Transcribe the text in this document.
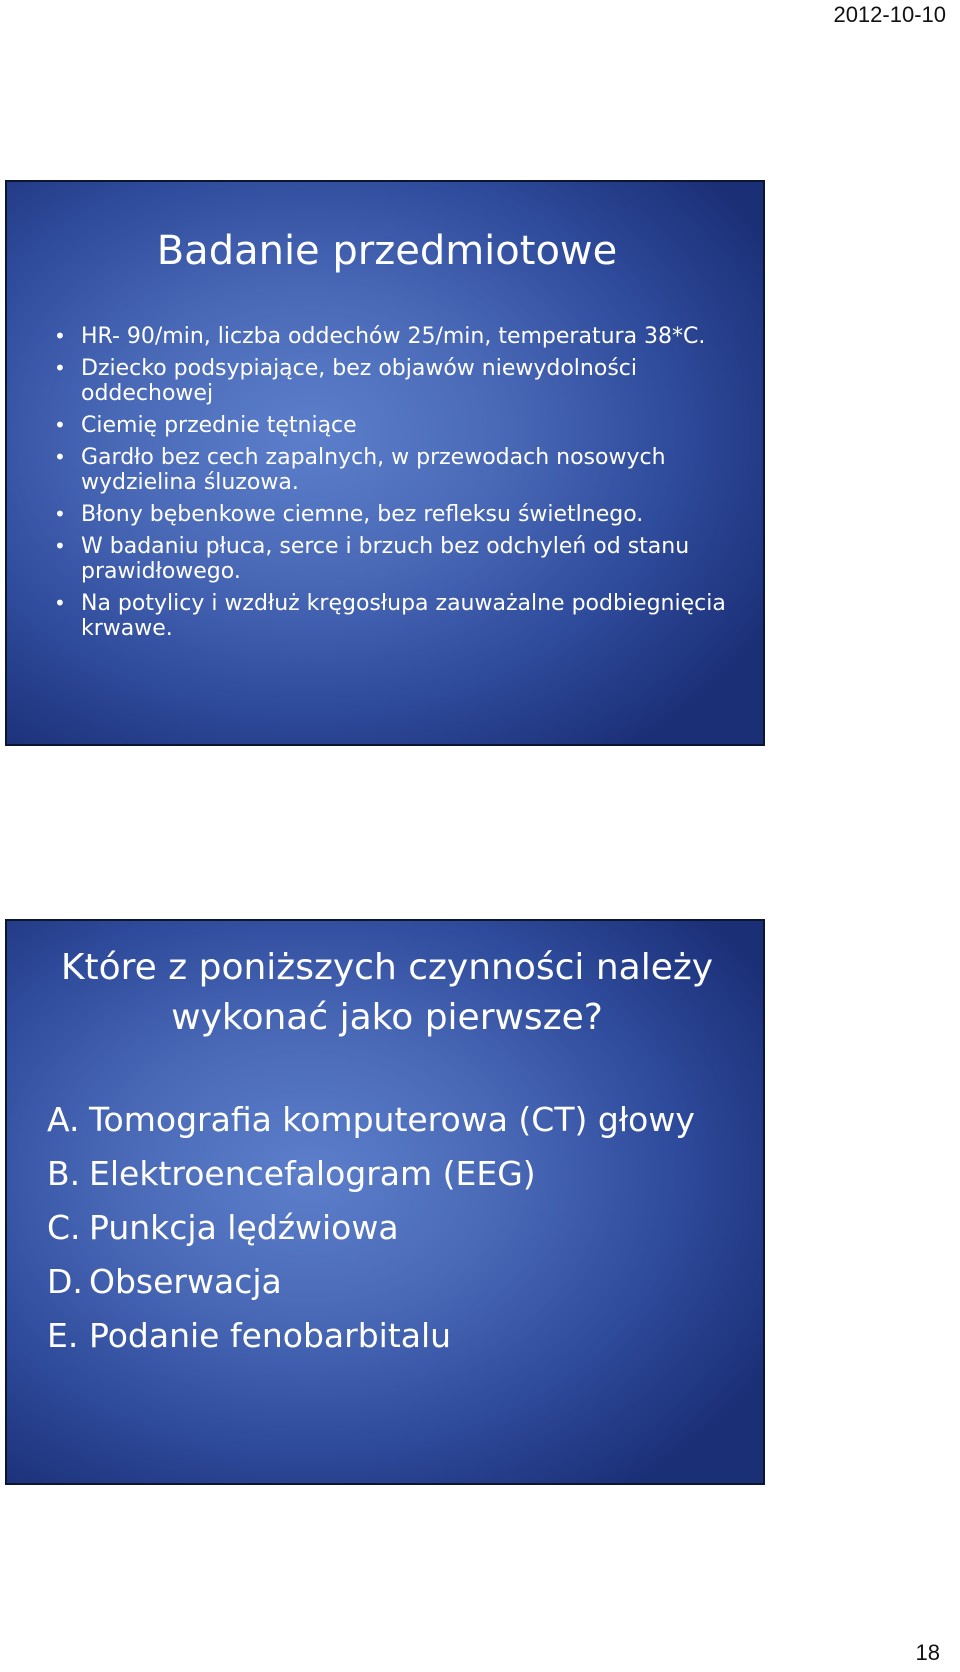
2012-10-10
Badanie przedmiotowe
• HR- 90/min, liczba oddechów 25/min, temperatura 38*C.
• Dziecko podsypiające, bez objawów niewydolności oddechowej
• Ciemię przednie tętniące
• Gardło bez cech zapalnych, w przewodach nosowych wydzielina śluzowa.
• Błony bębenkowe ciemne, bez refleksu świetlnego.
• W badaniu płuca, serce i brzuch bez odchyleń od stanu prawidłowego.
• Na potylicy i wzdłuż kręgosłupa zauważalne podbiegnięcia krwawe.

Które z poniższych czynności należy wykonać jako pierwsze?

A. Tomografia komputerowa (CT) głowy
B. Elektroencefalogram (EEG)
C. Punkcja lędźwiowa
D. Obserwacja
E. Podanie fenobarbitalu
18
